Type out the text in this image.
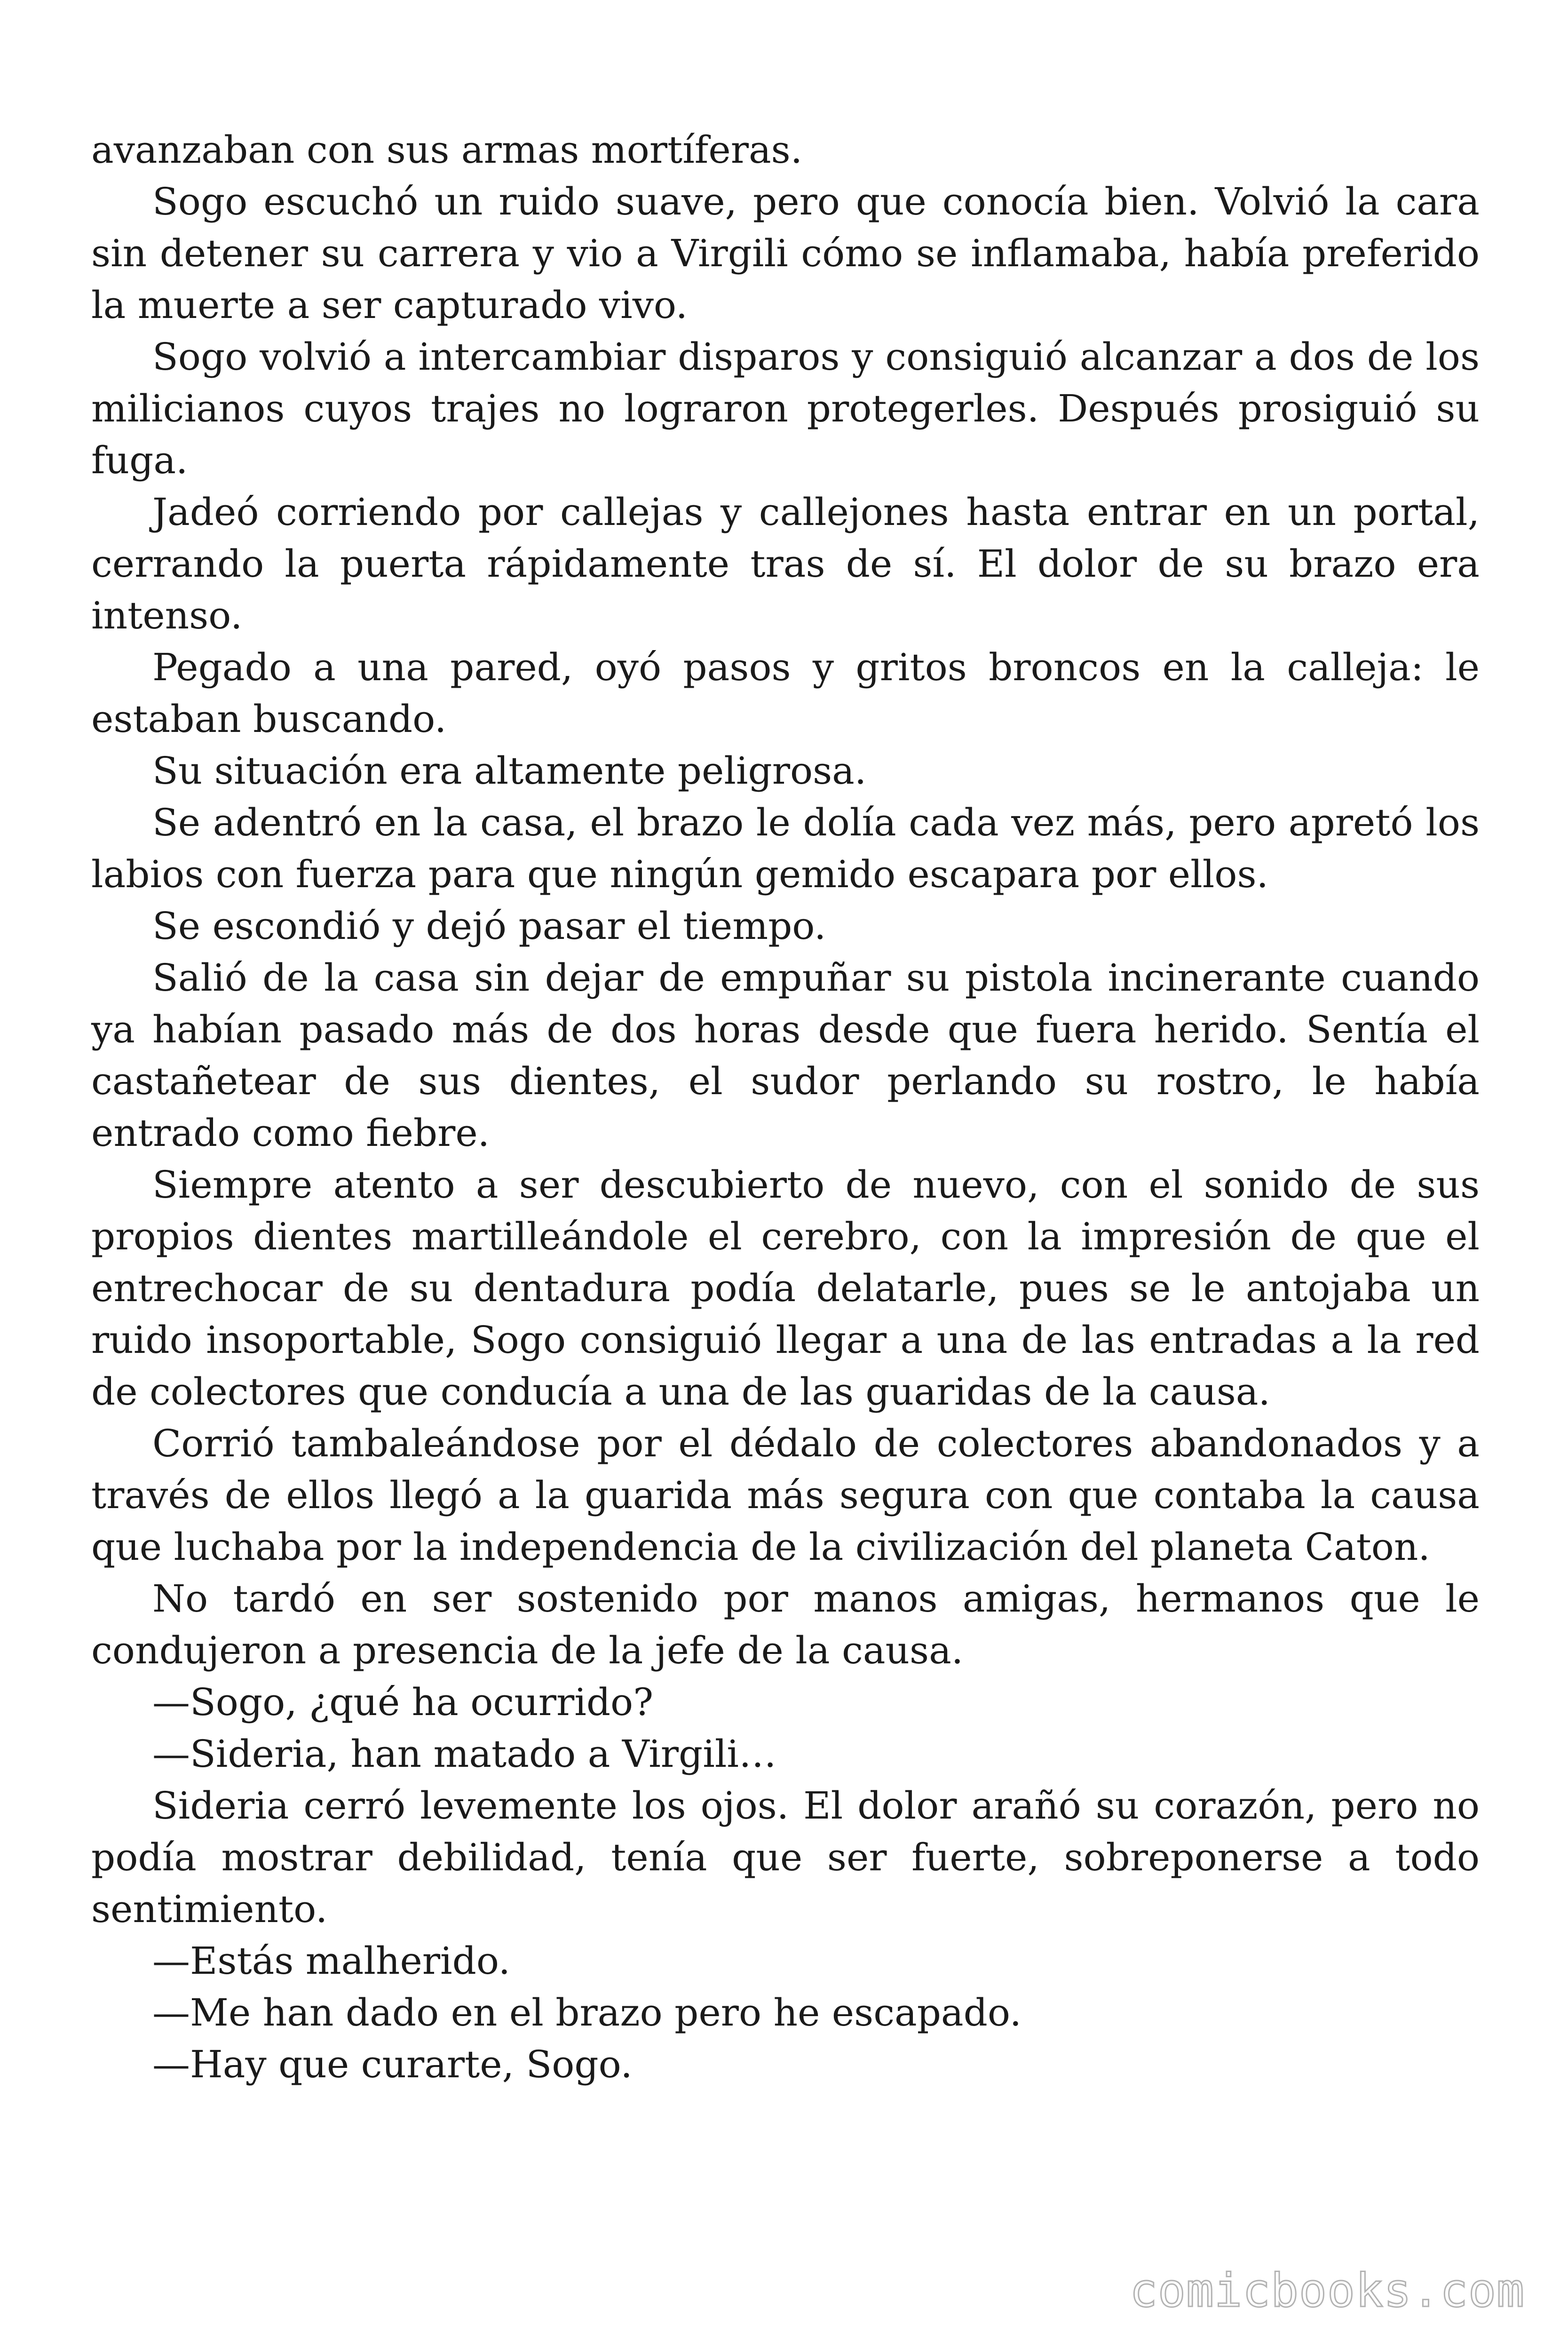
avanzaban con sus armas mortíferas.

Sogo escuchó un ruido suave, pero que conocía bien. Volvió la cara sin detener su carrera y vio a Virgili cómo se inflamaba, había preferido la muerte a ser capturado vivo.

Sogo volvió a intercambiar disparos y consiguió alcanzar a dos de los milicianos cuyos trajes no lograron protegerles. Después prosiguió su fuga.

Jadeó corriendo por callejas y callejones hasta entrar en un portal, cerrando la puerta rápidamente tras de sí. El dolor de su brazo era intenso.

Pegado a una pared, oyó pasos y gritos broncos en la calleja: le estaban buscando.

Su situación era altamente peligrosa.

Se adentró en la casa, el brazo le dolía cada vez más, pero apretó los labios con fuerza para que ningún gemido escapara por ellos.

Se escondió y dejó pasar el tiempo.

Salió de la casa sin dejar de empuñar su pistola incinerante cuando ya habían pasado más de dos horas desde que fuera herido. Sentía el castañetear de sus dientes, el sudor perlando su rostro, le había entrado como fiebre.

Siempre atento a ser descubierto de nuevo, con el sonido de sus propios dientes martilleándole el cerebro, con la impresión de que el entrechocar de su dentadura podía delatarle, pues se le antojaba un ruido insoportable, Sogo consiguió llegar a una de las entradas a la red de colectores que conducía a una de las guaridas de la causa.

Corrió tambaleándose por el dédalo de colectores abandonados y a través de ellos llegó a la guarida más segura con que contaba la causa que luchaba por la independencia de la civilización del planeta Caton.

No tardó en ser sostenido por manos amigas, hermanos que le condujeron a presencia de la jefe de la causa.

—Sogo, ¿qué ha ocurrido?

—Sideria, han matado a Virgili…

Sideria cerró levemente los ojos. El dolor arañó su corazón, pero no podía mostrar debilidad, tenía que ser fuerte, sobreponerse a todo sentimiento.

—Estás malherido.

—Me han dado en el brazo pero he escapado.

—Hay que curarte, Sogo.

comicbooks.com
